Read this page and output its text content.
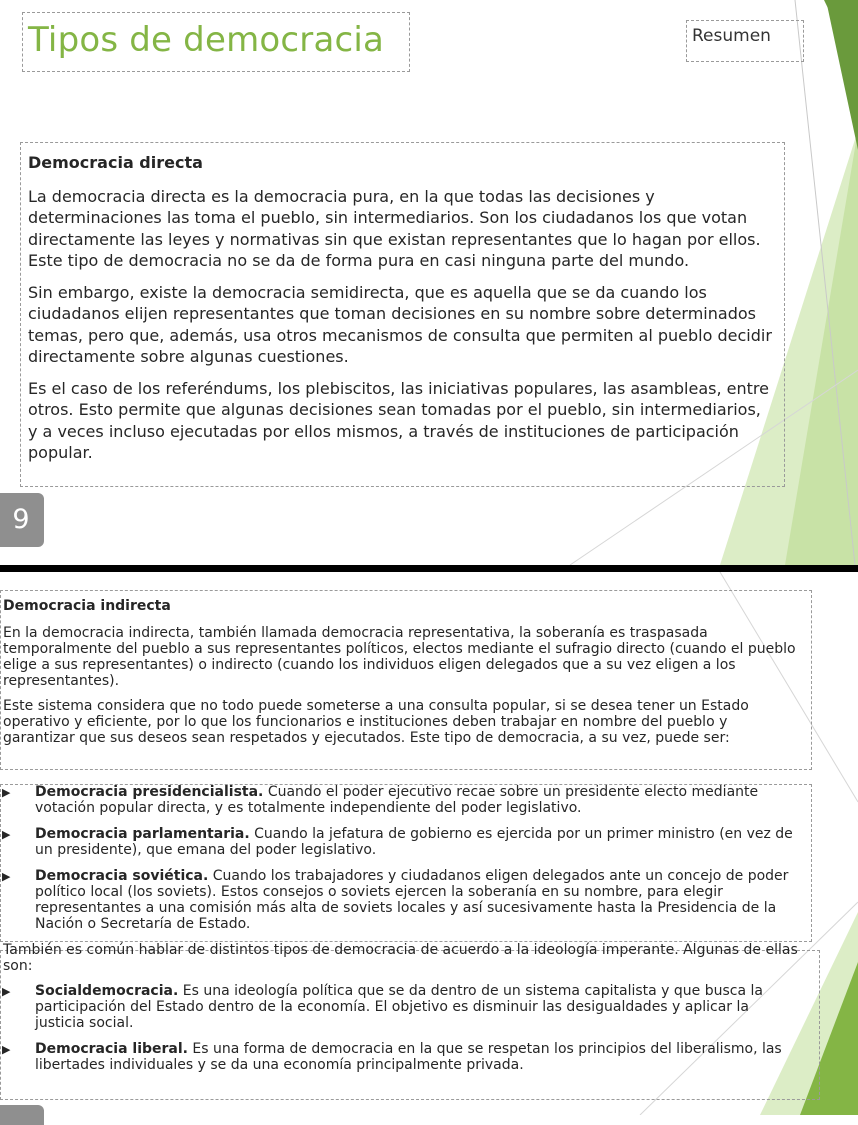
Tipos de democracia	Resumen
Democracia directa

La democracia directa es la democracia pura, en la que todas las decisiones y determinaciones las toma el pueblo, sin intermediarios. Son los ciudadanos los que votan directamente las leyes y normativas sin que existan representantes que lo hagan por ellos. Este tipo de democracia no se da de forma pura en casi ninguna parte del mundo.

Sin embargo, existe la democracia semidirecta, que es aquella que se da cuando los ciudadanos elijen representantes que toman decisiones en su nombre sobre determinados temas, pero que, además, usa otros mecanismos de consulta que permiten al pueblo decidir directamente sobre algunas cuestiones.

Es el caso de los referéndums, los plebiscitos, las iniciativas populares, las asambleas, entre otros. Esto permite que algunas decisiones sean tomadas por el pueblo, sin intermediarios, y a veces incluso ejecutadas por ellos mismos, a través de instituciones de participación popular.

9
Democracia indirecta

En la democracia indirecta, también llamada democracia representativa, la soberanía es traspasada temporalmente del pueblo a sus representantes políticos, electos mediante el sufragio directo (cuando el pueblo elige a sus representantes) o indirecto (cuando los individuos eligen delegados que a su vez eligen a los representantes).

Este sistema considera que no todo puede someterse a una consulta popular, si se desea tener un Estado operativo y eficiente, por lo que los funcionarios e instituciones deben trabajar en nombre del pueblo y garantizar que sus deseos sean respetados y ejecutados. Este tipo de democracia, a su vez, puede ser:

▶ Democracia presidencialista. Cuando el poder ejecutivo recae sobre un presidente electo mediante votación popular directa, y es totalmente independiente del poder legislativo.
▶ Democracia parlamentaria. Cuando la jefatura de gobierno es ejercida por un primer ministro (en vez de un presidente), que emana del poder legislativo.
▶ Democracia soviética. Cuando los trabajadores y ciudadanos eligen delegados ante un concejo de poder político local (los soviets). Estos consejos o soviets ejercen la soberanía en su nombre, para elegir representantes a una comisión más alta de soviets locales y así sucesivamente hasta la Presidencia de la Nación o Secretaría de Estado.

También es común hablar de distintos tipos de democracia de acuerdo a la ideología imperante. Algunas de ellas son:

▶ Socialdemocracia. Es una ideología política que se da dentro de un sistema capitalista y que busca la participación del Estado dentro de la economía. El objetivo es disminuir las desigualdades y aplicar la justicia social.
▶ Democracia liberal. Es una forma de democracia en la que se respetan los principios del liberalismo, las libertades individuales y se da una economía principalmente privada.
